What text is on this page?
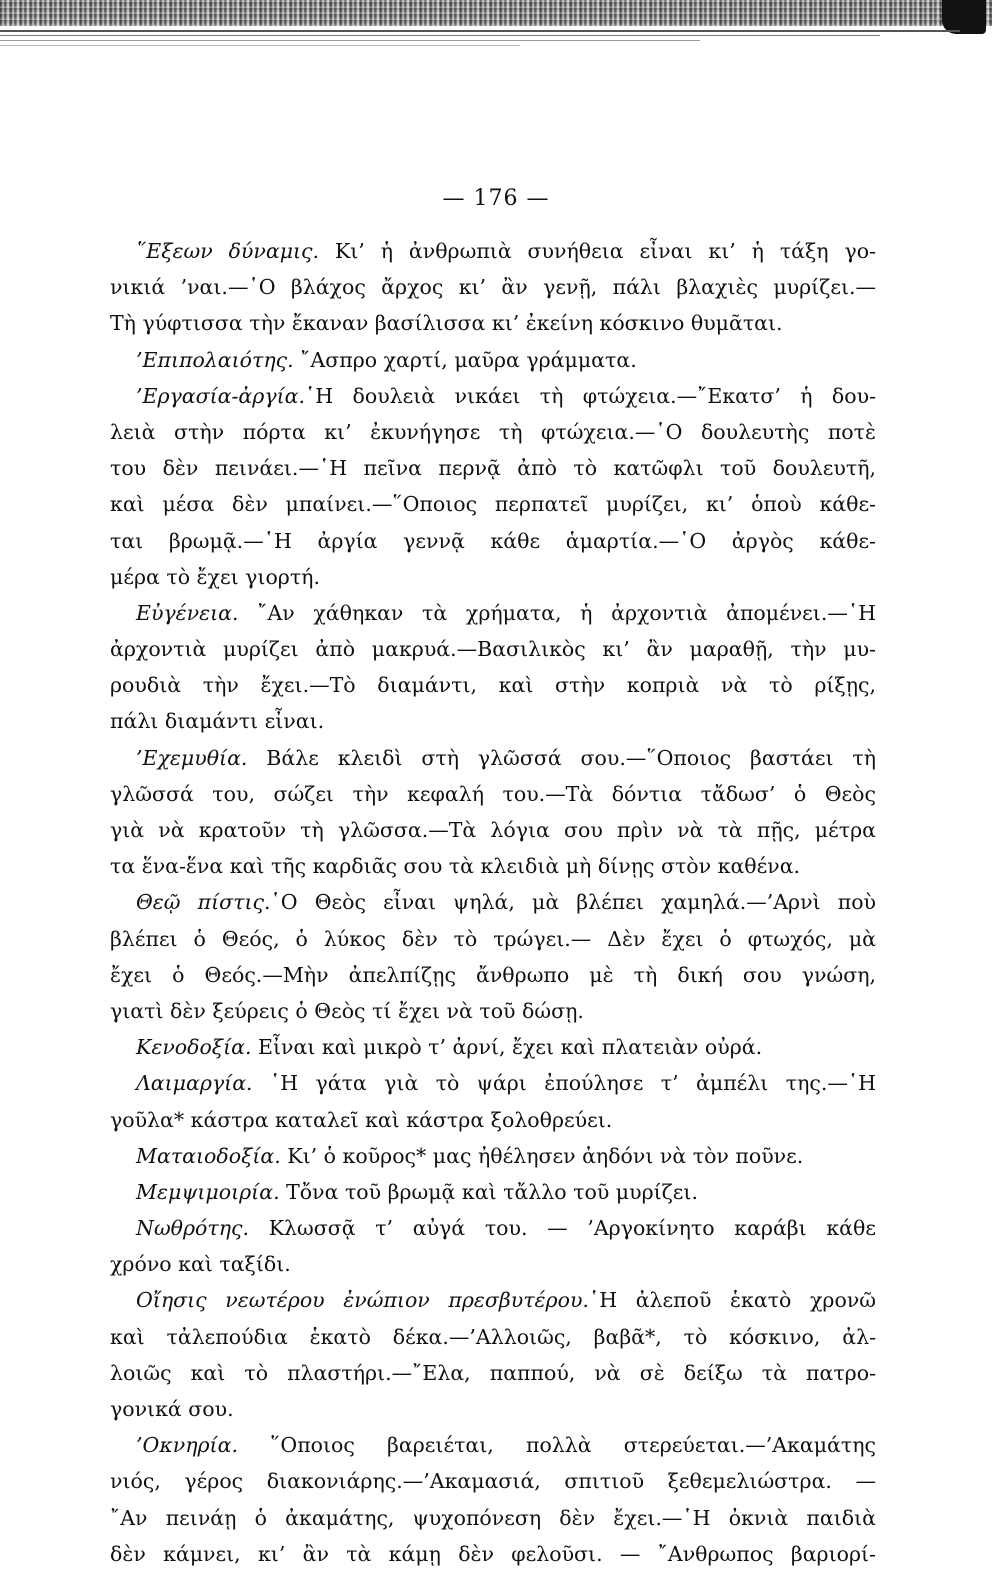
— 176 —
῞Εξεων δύναμις. Κι’ ἡ ἀνθρωπιὰ συνήθεια εἶναι κι’ ἡ τάξη γο-
νικιά ’ναι.—῾Ο βλάχος ἄρχος κι’ ἂν γενῇ, πάλι βλαχιὲς μυρίζει.—
Τὴ γύφτισσα τὴν ἔκαναν βασίλισσα κι’ ἐκείνη κόσκινο θυμᾶται.
’Επιπολαιότης. ῎Ασπρο χαρτί, μαῦρα γράμματα.
’Εργασία-ἀργία.῾Η δουλειὰ νικάει τὴ φτώχεια.—῎Εκατσ’ ἡ δου-
λειὰ στὴν πόρτα κι’ ἐκυνήγησε τὴ φτώχεια.—῾Ο δουλευτὴς ποτὲ
του δὲν πεινάει.—῾Η πεῖνα περνᾷ ἀπὸ τὸ κατῶφλι τοῦ δουλευτῆ,
καὶ μέσα δὲν μπαίνει.—῞Οποιος περπατεῖ μυρίζει, κι’ ὁποὺ κάθε-
ται βρωμᾷ.—῾Η ἀργία γεννᾷ κάθε ἁμαρτία.—῾Ο ἀργὸς κάθε-
μέρα τὸ ἔχει γιορτή.
Εὐγένεια. ῎Αν χάθηκαν τὰ χρήματα, ἡ ἀρχοντιὰ ἀπομένει.—῾Η
ἀρχοντιὰ μυρίζει ἀπὸ μακρυά.—Βασιλικὸς κι’ ἂν μαραθῇ, τὴν μυ-
ρουδιὰ τὴν ἔχει.—Τὸ διαμάντι, καὶ στὴν κοπριὰ νὰ τὸ ρίξῃς,
πάλι διαμάντι εἶναι.
’Εχεμυθία. Βάλε κλειδὶ στὴ γλῶσσά σου.—῞Οποιος βαστάει τὴ
γλῶσσά του, σώζει τὴν κεφαλή του.—Τὰ δόντια τἄδωσ’ ὁ Θεὸς
γιὰ νὰ κρατοῦν τὴ γλῶσσα.—Τὰ λόγια σου πρὶν νὰ τὰ πῇς, μέτρα
τα ἕνα-ἕνα καὶ τῆς καρδιᾶς σου τὰ κλειδιὰ μὴ δίνῃς στὸν καθένα.
Θεῷ πίστις.῾Ο Θεὸς εἶναι ψηλά, μὰ βλέπει χαμηλά.—’Αρνὶ ποὺ
βλέπει ὁ Θεός, ὁ λύκος δὲν τὸ τρώγει.— Δὲν ἔχει ὁ φτωχός, μὰ
ἔχει ὁ Θεός.—Μὴν ἀπελπίζῃς ἄνθρωπο μὲ τὴ δική σου γνώση,
γιατὶ δὲν ξεύρεις ὁ Θεὸς τί ἔχει νὰ τοῦ δώσῃ.
Κενοδοξία. Εἶναι καὶ μικρὸ τ’ ἀρνί, ἔχει καὶ πλατειὰν οὐρά.
Λαιμαργία. ῾Η γάτα γιὰ τὸ ψάρι ἐπούλησε τ’ ἀμπέλι της.—῾Η
γοῦλα* κάστρα καταλεῖ καὶ κάστρα ξολοθρεύει.
Ματαιοδοξία. Κι’ ὁ κοῦρος* μας ἠθέλησεν ἀηδόνι νὰ τὸν ποῦνε.
Μεμψιμοιρία. Τὄνα τοῦ βρωμᾷ καὶ τἄλλο τοῦ μυρίζει.
Νωθρότης. Κλωσσᾷ τ’ αὐγά του. — ’Αργοκίνητο καράβι κάθε
χρόνο καὶ ταξίδι.
Οἴησις νεωτέρου ἐνώπιον πρεσβυτέρου.῾Η ἀλεποῦ ἑκατὸ χρονῶ
καὶ τἀλεπούδια ἑκατὸ δέκα.—’Αλλοιῶς, βαβᾶ*, τὸ κόσκινο, ἀλ-
λοιῶς καὶ τὸ πλαστήρι.—῎Ελα, παππού, νὰ σὲ δείξω τὰ πατρο-
γονικά σου.
’Οκνηρία. ῞Οποιος βαρειέται, πολλὰ στερεύεται.—’Ακαμάτης
νιός, γέρος διακονιάρης.—’Ακαμασιά, σπιτιοῦ ξεθεμελιώστρα. —
῎Αν πεινάῃ ὁ ἀκαμάτης, ψυχοπόνεση δὲν ἔχει.—῾Η ὀκνιὰ παιδιὰ
δὲν κάμνει, κι’ ἂν τὰ κάμῃ δὲν φελοῦσι. — ῎Ανθρωπος βαριορί-
